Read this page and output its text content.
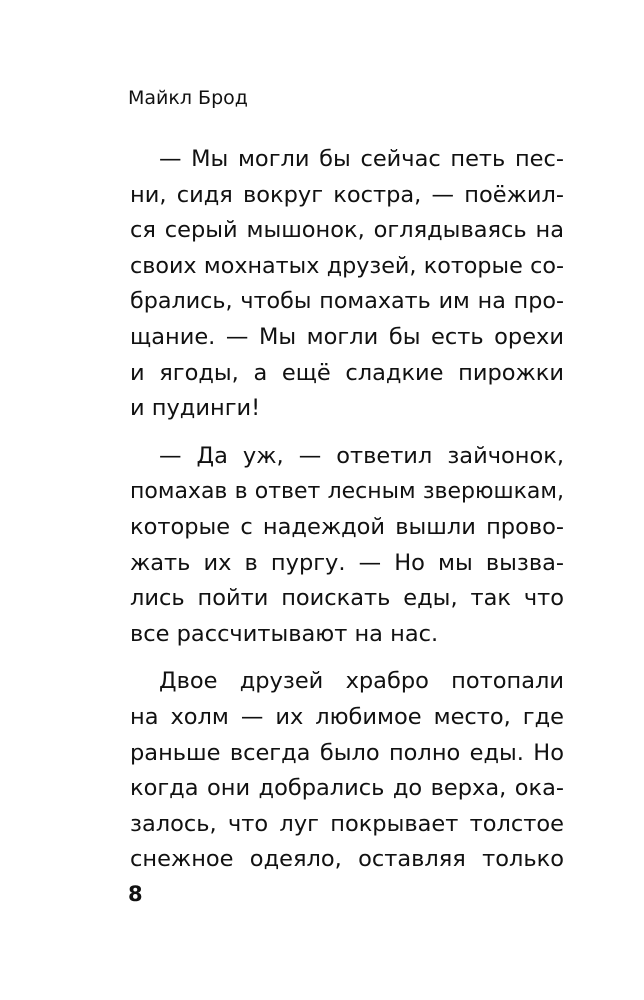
Майкл Брод
— Мы могли бы сейчас петь пес-
ни, сидя вокруг костра, — поёжил-
ся серый мышонок, оглядываясь на
своих мохнатых друзей, которые со-
брались, чтобы помахать им на про-
щание. — Мы могли бы есть орехи
и ягоды, а ещё сладкие пирожки
и пудинги!
— Да уж, — ответил зайчонок,
помахав в ответ лесным зверюшкам,
которые с надеждой вышли прово-
жать их в пургу. — Но мы вызва-
лись пойти поискать еды, так что
все рассчитывают на нас.
Двое друзей храбро потопали
на холм — их любимое место, где
раньше всегда было полно еды. Но
когда они добрались до верха, ока-
залось, что луг покрывает толстое
снежное одеяло, оставляя только
8
